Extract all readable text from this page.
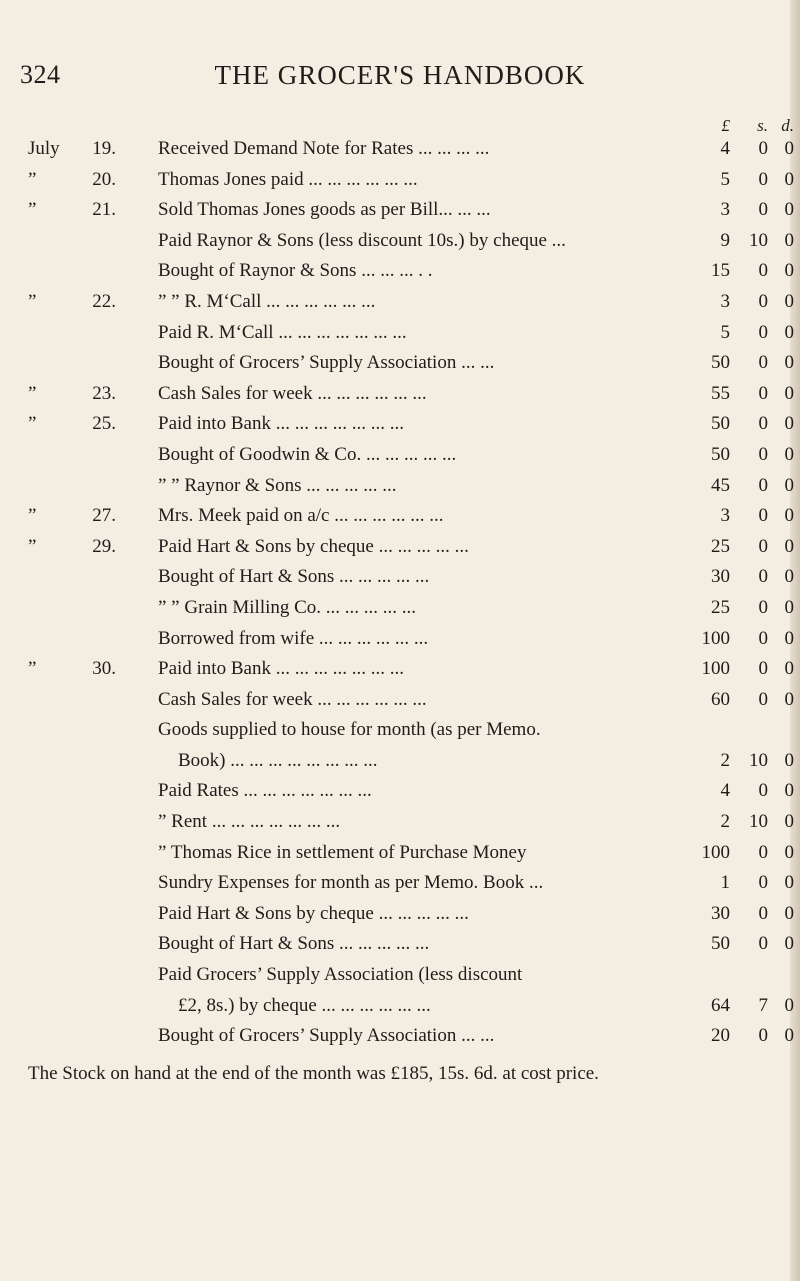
324	THE GROCER'S HANDBOOK
£	s. d.
July 19.	Received Demand Note for Rates ... ... ... ...	4	0 0
”	20.	Thomas Jones paid ... ... ... ... ... ...	5	0 0
”	21.	Sold Thomas Jones goods as per Bill... ... ...	3	0 0
Paid Raynor & Sons (less discount 10s.) by cheque ...	9	10 0
Bought of Raynor & Sons ... ... ... . .	15	0 0
”	22.	” ” R. M‘Call ... ... ... ... ... ...	3	0 0
Paid R. M‘Call ... ... ... ... ... ... ...	5	0 0
Bought of Grocers’ Supply Association ... ...	50	0 0
”	23.	Cash Sales for week ... ... ... ... ... ...	55	0 0
”	25.	Paid into Bank ... ... ... ... ... ... ...	50	0 0
Bought of Goodwin & Co. ... ... ... ... ...	50	0 0
” ” Raynor & Sons ... ... ... ... ...	45	0 0
”	27.	Mrs. Meek paid on a/c ... ... ... ... ... ...	3	0 0
”	29.	Paid Hart & Sons by cheque ... ... ... ... ...	25	0 0
Bought of Hart & Sons ... ... ... ... ...	30	0 0
” ” Grain Milling Co. ... ... ... ... ...	25	0 0
Borrowed from wife ... ... ... ... ... ...	100	0 0
”	30.	Paid into Bank ... ... ... ... ... ... ...	100	0 0
Cash Sales for week ... ... ... ... ... ...	60	0 0
Goods supplied to house for month (as per Memo.
Book) ... ... ... ... ... ... ... ...	2	10 0
Paid Rates ... ... ... ... ... ... ...	4	0 0
” Rent ... ... ... ... ... ... ...	2	10 0
” Thomas Rice in settlement of Purchase Money	100	0 0
Sundry Expenses for month as per Memo. Book ...	1	0 0
Paid Hart & Sons by cheque ... ... ... ... ...	30	0 0
Bought of Hart & Sons ... ... ... ... ...	50	0 0
Paid Grocers’ Supply Association (less discount
£2, 8s.) by cheque ... ... ... ... ... ...	64	7 0
Bought of Grocers’ Supply Association ... ...	20	0 0
The Stock on hand at the end of the month was £185, 15s. 6d. at cost price.
